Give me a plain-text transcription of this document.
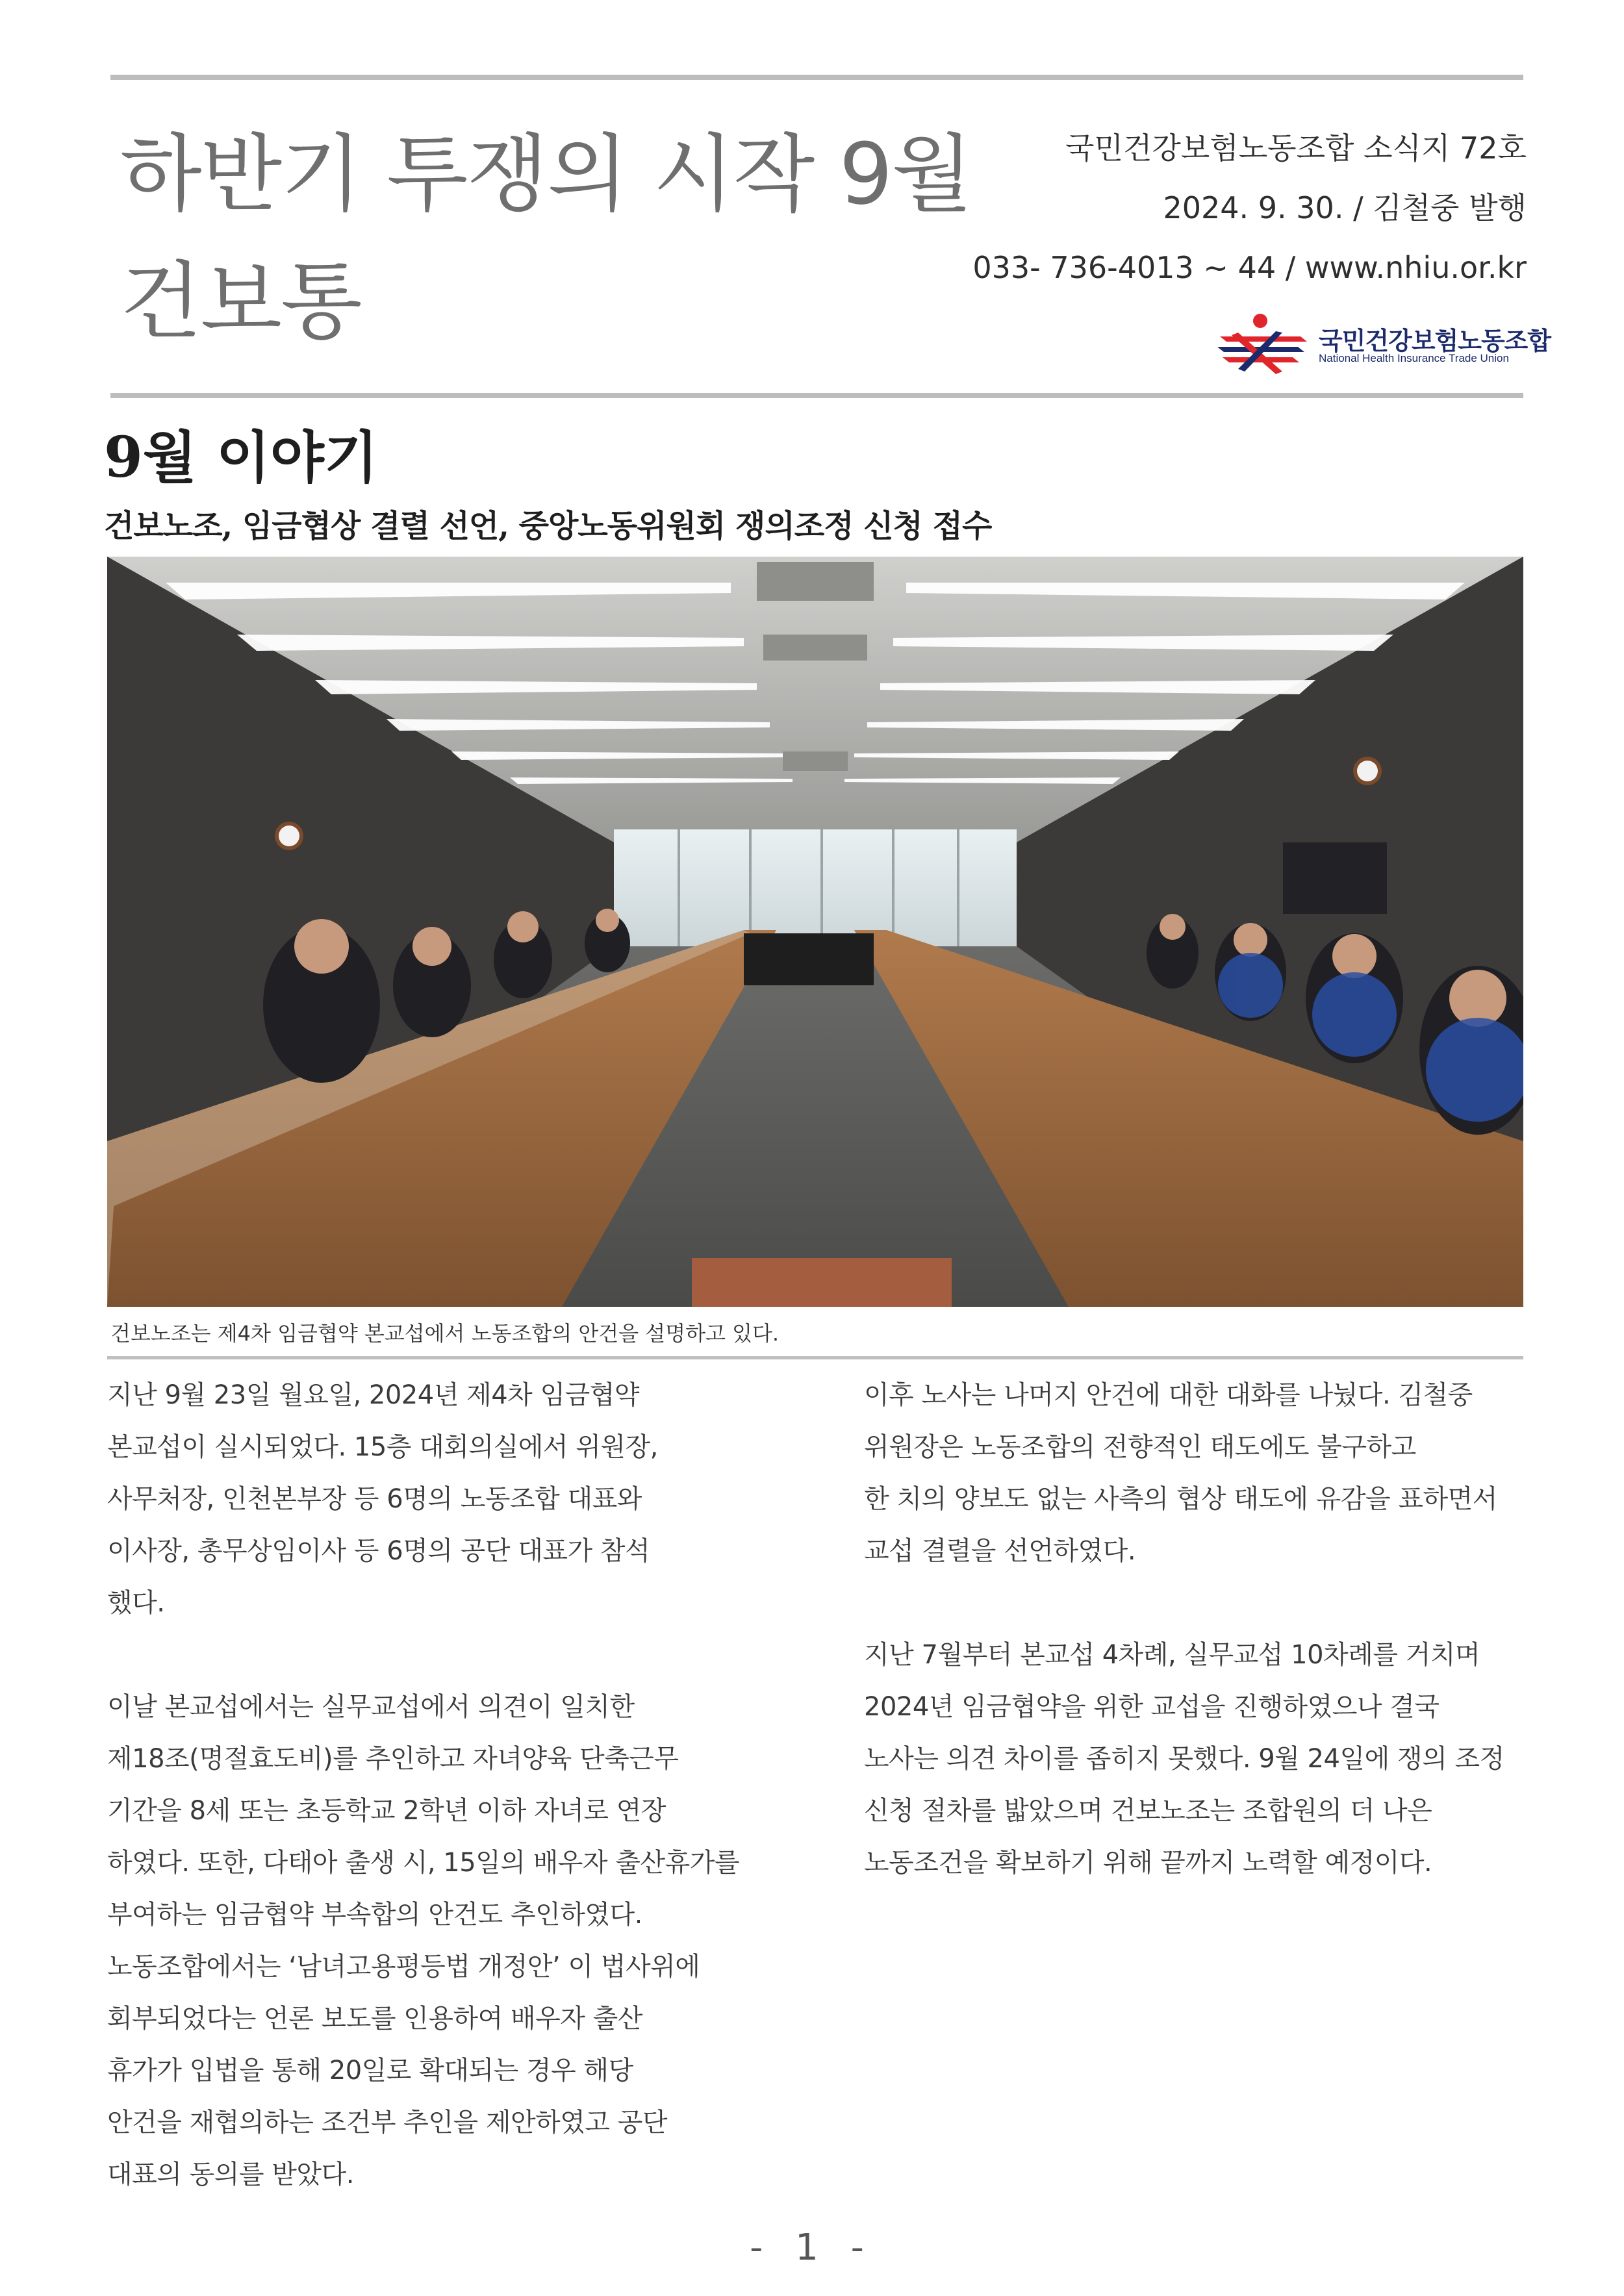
하반기 투쟁의 시작 9월
건보통
국민건강보험노동조합 소식지 72호
2024. 9. 30. / 김철중 발행
033- 736-4013 ~ 44 / www.nhiu.or.kr
국민건강보험노동조합
National Health Insurance Trade Union
9월 이야기
건보노조, 임금협상 결렬 선언, 중앙노동위원회 쟁의조정 신청 접수
건보노조는 제4차 임금협약 본교섭에서 노동조합의 안건을 설명하고 있다.

지난 9월 23일 월요일, 2024년 제4차 임금협약
본교섭이 실시되었다. 15층 대회의실에서 위원장,
사무처장, 인천본부장 등 6명의 노동조합 대표와
이사장, 총무상임이사 등 6명의 공단 대표가 참석
했다.

이날 본교섭에서는 실무교섭에서 의견이 일치한
제18조(명절효도비)를 추인하고 자녀양육 단축근무
기간을 8세 또는 초등학교 2학년 이하 자녀로 연장
하였다. 또한, 다태아 출생 시, 15일의 배우자 출산휴가를
부여하는 임금협약 부속합의 안건도 추인하였다.
노동조합에서는 ‘남녀고용평등법 개정안’ 이 법사위에
회부되었다는 언론 보도를 인용하여 배우자 출산
휴가가 입법을 통해 20일로 확대되는 경우 해당
안건을 재협의하는 조건부 추인을 제안하였고 공단
대표의 동의를 받았다.

이후 노사는 나머지 안건에 대한 대화를 나눴다. 김철중
위원장은 노동조합의 전향적인 태도에도 불구하고
한 치의 양보도 없는 사측의 협상 태도에 유감을 표하면서
교섭 결렬을 선언하였다.

지난 7월부터 본교섭 4차례, 실무교섭 10차례를 거치며
2024년 임금협약을 위한 교섭을 진행하였으나 결국
노사는 의견 차이를 좁히지 못했다. 9월 24일에 쟁의 조정
신청 절차를 밟았으며 건보노조는 조합원의 더 나은
노동조건을 확보하기 위해 끝까지 노력할 예정이다.

- 1 -
